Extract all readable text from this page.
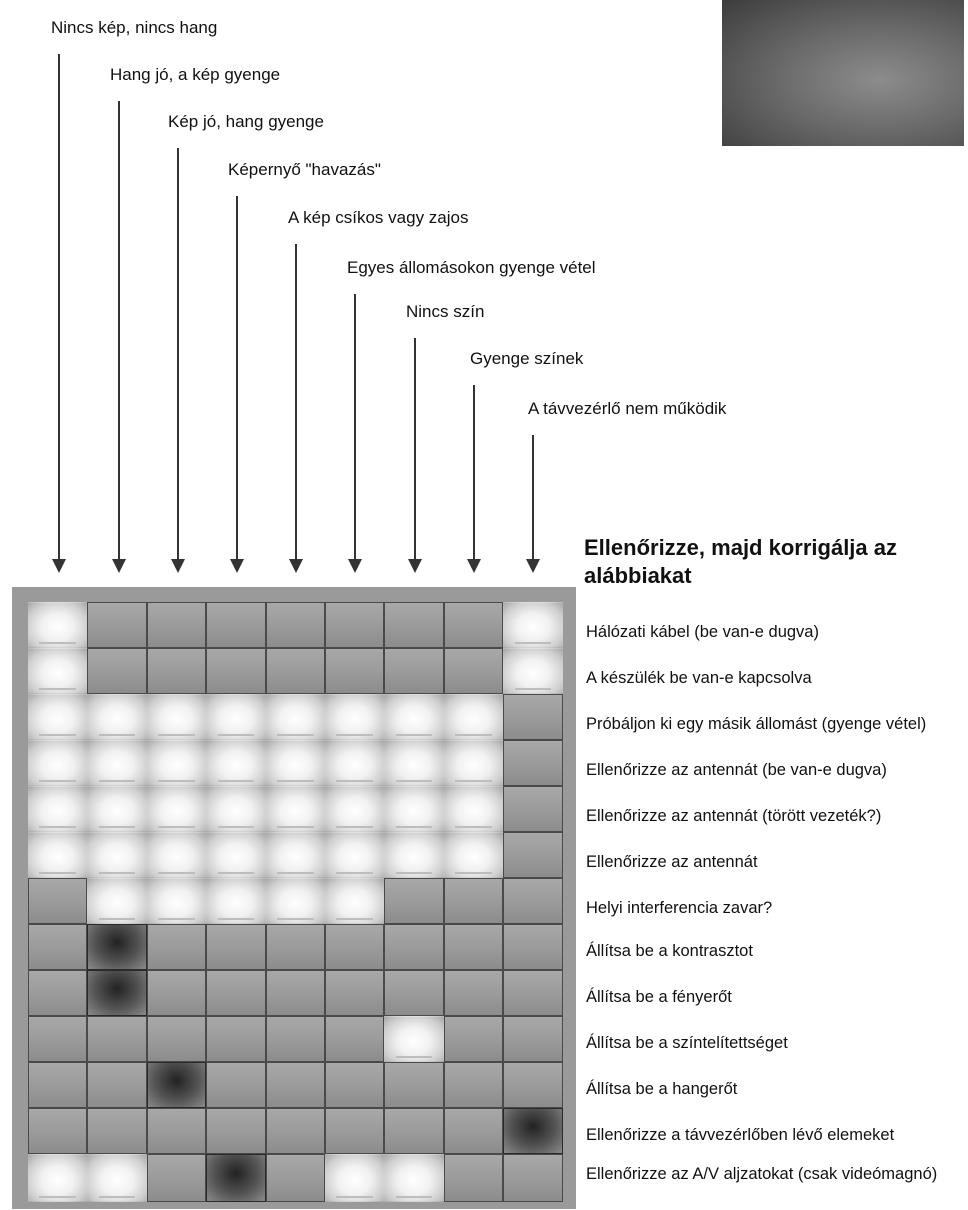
Nincs kép, nincs hang
Hang jó, a kép gyenge
Kép jó, hang gyenge
Képernyő "havazás"
A kép csíkos vagy zajos
Egyes állomásokon gyenge vétel
Nincs szín
Gyenge színek
A távvezérlő nem működik
Ellenőrizze, majd korrigálja az alábbiakat
Hálózati kábel (be van-e dugva)
A készülék be van-e kapcsolva
Próbáljon ki egy másik állomást (gyenge vétel)
Ellenőrizze az antennát (be van-e dugva)
Ellenőrizze az antennát (törött vezeték?)
Ellenőrizze az antennát
Helyi interferencia zavar?
Állítsa be a kontrasztot
Állítsa be a fényerőt
Állítsa be a színtelítettséget
Állítsa be a hangerőt
Ellenőrizze a távvezérlőben lévő elemeket
Ellenőrizze az A/V aljzatokat (csak videómagnó)
